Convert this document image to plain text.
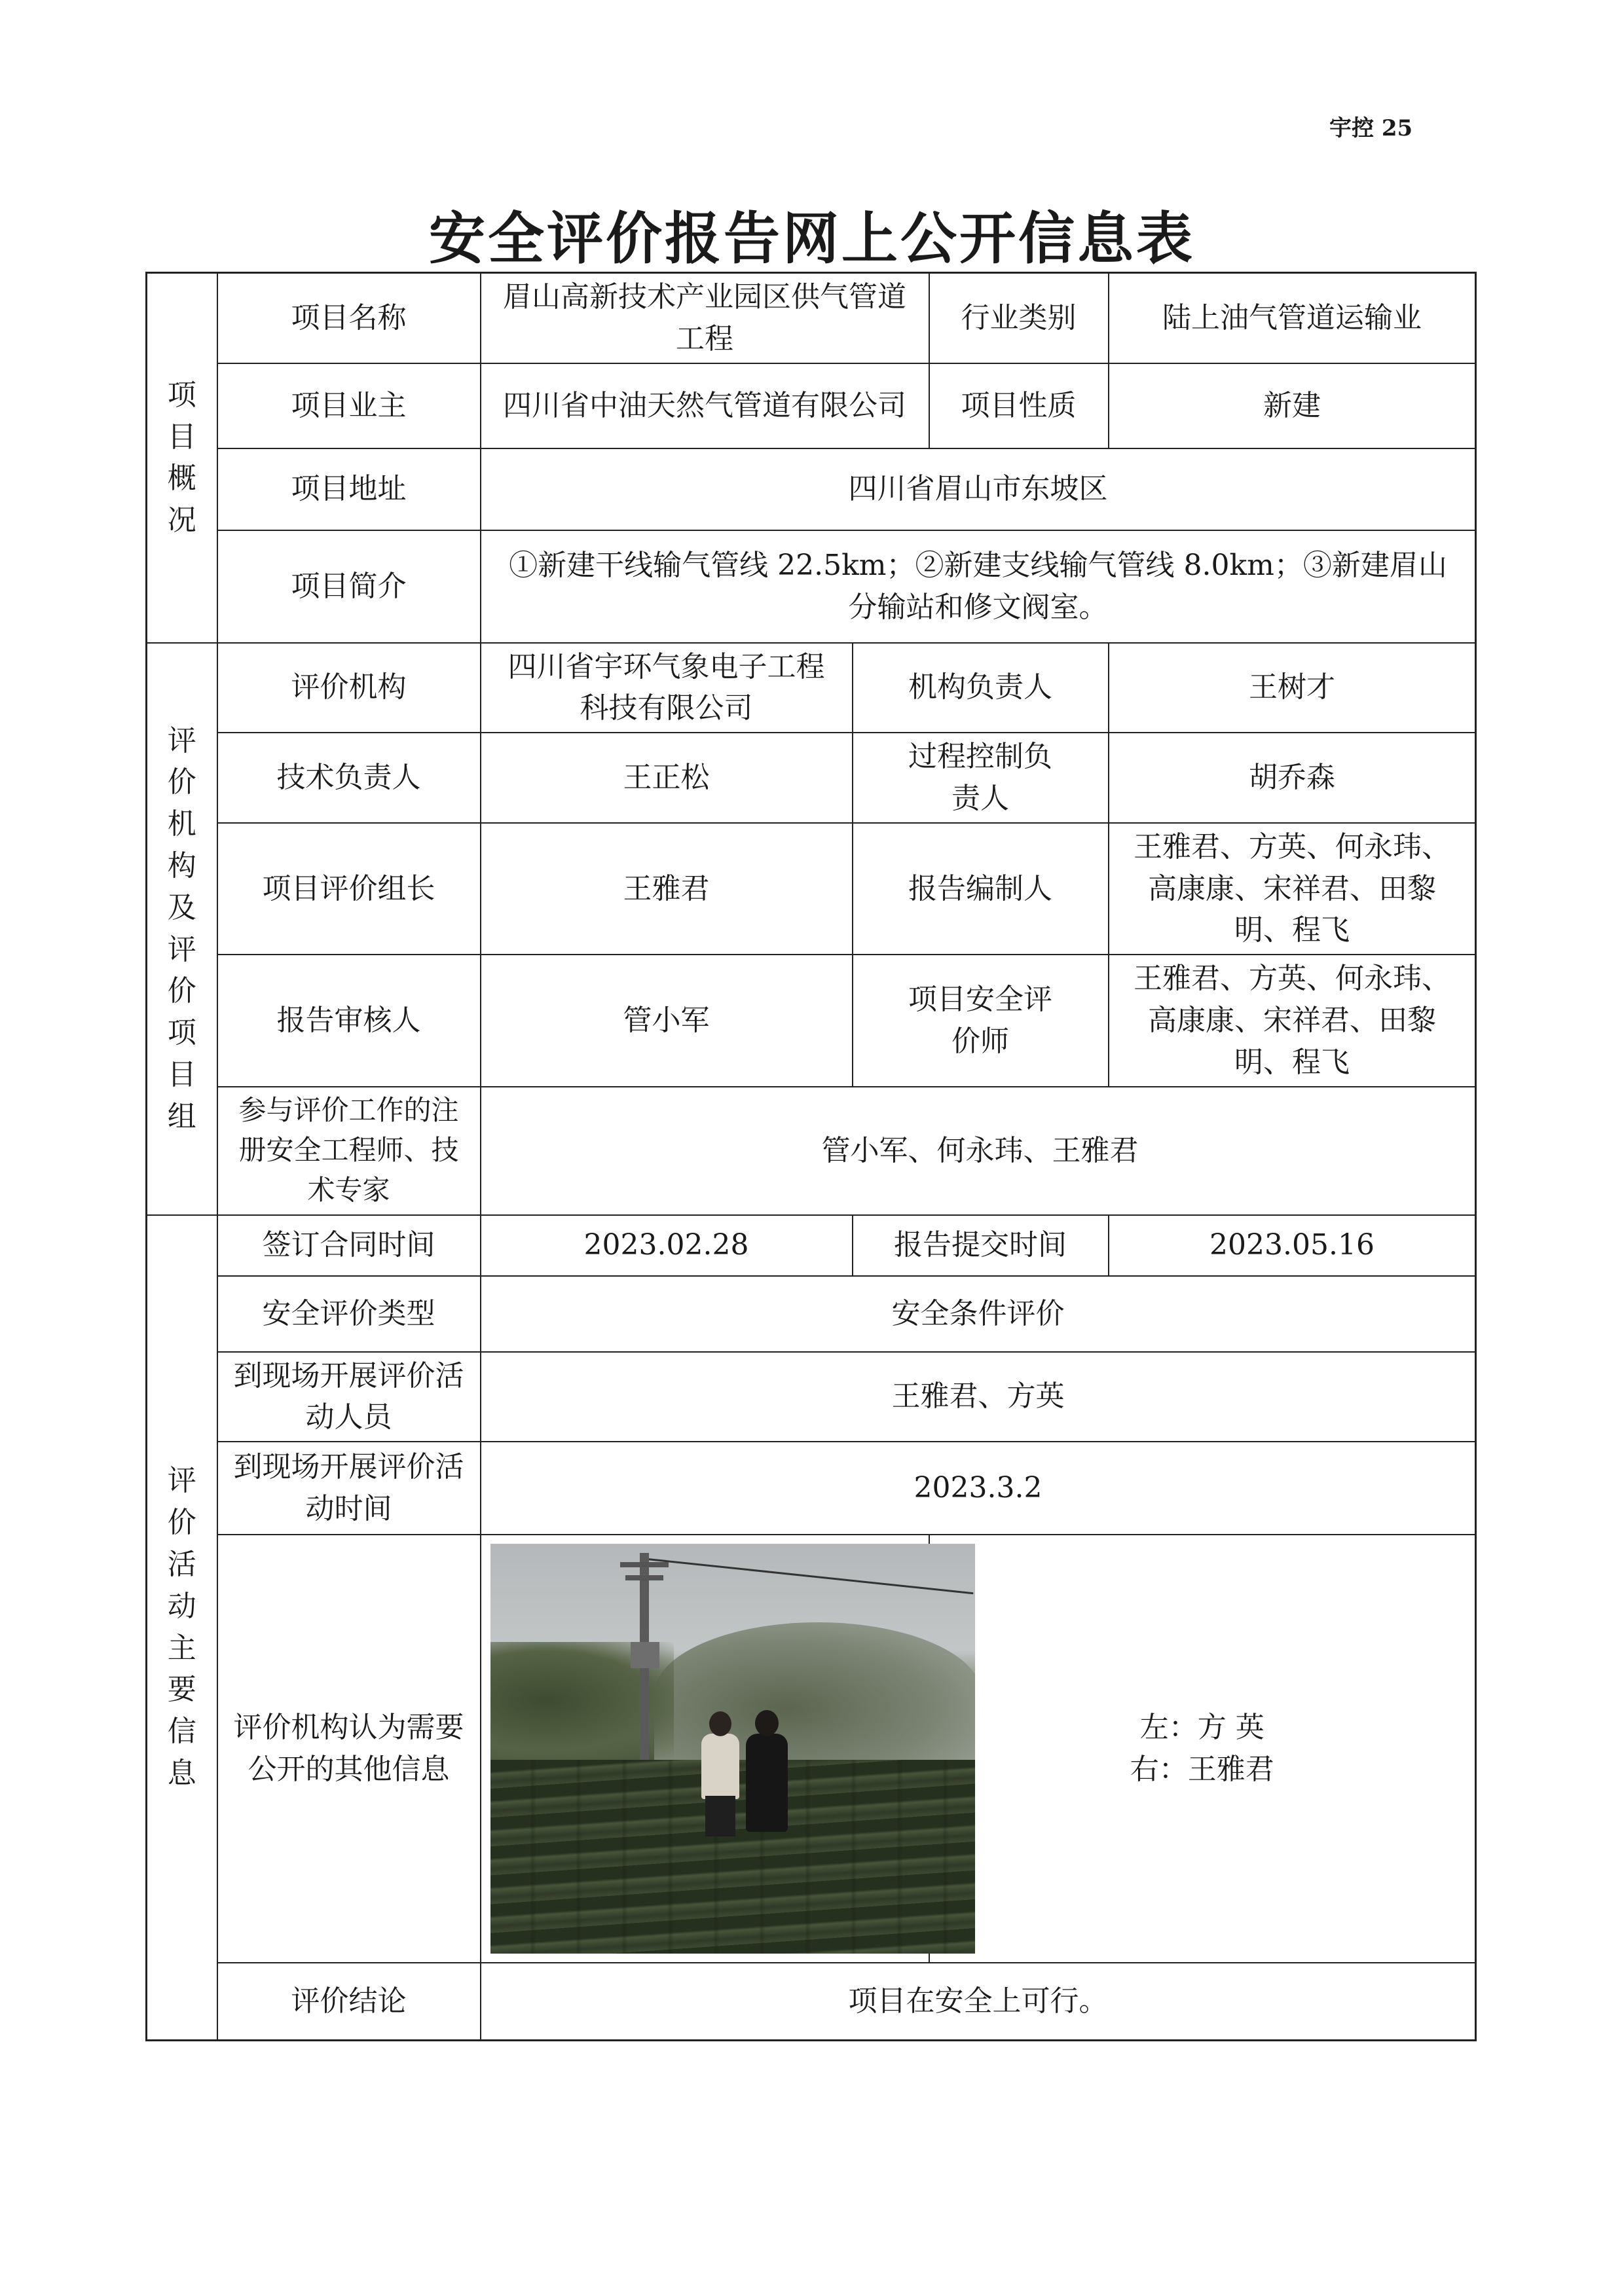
宇控 25
安全评价报告网上公开信息表
项目概况	项目名称	眉山高新技术产业园区供气管道工程		行业类别	陆上油气管道运输业
	项目业主	四川省中油天然气管道有限公司		项目性质	新建
	项目地址	四川省眉山市东坡区			
	项目简介	①新建干线输气管线 22.5km；②新建支线输气管线 8.0km；③新建眉山分输站和修文阀室。			
评价机构及评价项目组	评价机构	四川省宇环气象电子工程科技有限公司	机构负责人		王树才
	技术负责人	王正松	过程控制负责人		胡乔森
	项目评价组长	王雅君	报告编制人		王雅君、方英、何永玮、高康康、宋祥君、田黎明、程飞
	报告审核人	管小军	项目安全评价师		王雅君、方英、何永玮、高康康、宋祥君、田黎明、程飞
	参与评价工作的注册安全工程师、技术专家	管小军、何永玮、王雅君			
评价活动主要信息	签订合同时间	2023.02.28	报告提交时间		2023.05.16
	安全评价类型	安全条件评价			
	到现场开展评价活动人员	王雅君、方英			
	到现场开展评价活动时间	2023.3.2			
	评价机构认为需要公开的其他信息			左：方 英
右：王雅君	

	评价结论	项目在安全上可行。			
